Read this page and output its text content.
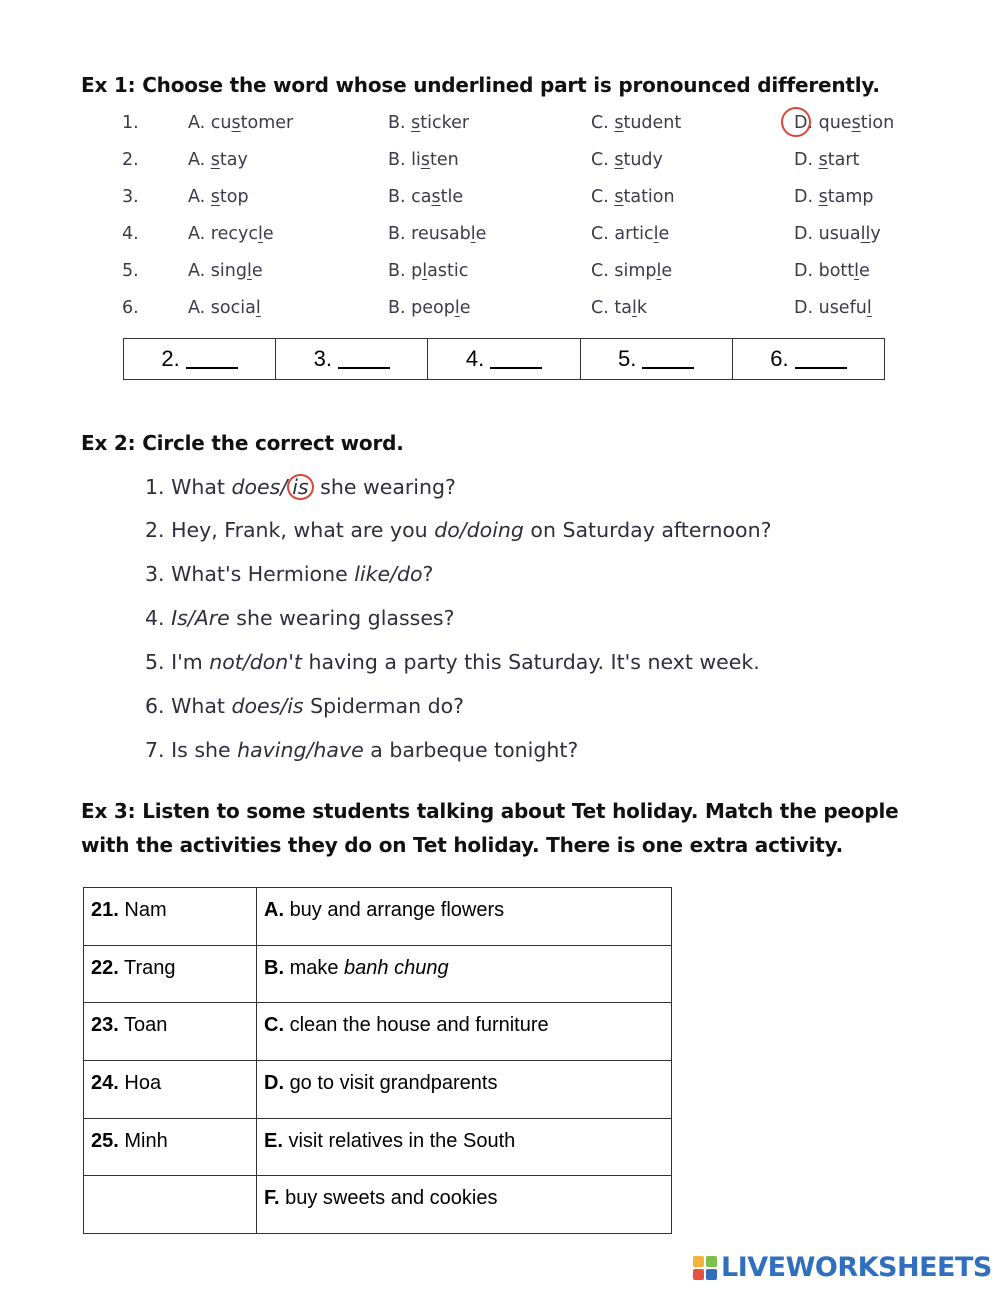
Ex 1: Choose the word whose underlined part is pronounced differently.
1.	A. customer	B. sticker	C. student	D. question
2.	A. stay	B. listen	C. study	D. start
3.	A. stop	B. castle	C. station	D. stamp
4.	A. recycle	B. reusable	C. article	D. usually
5.	A. single	B. plastic	C. simple	D. bottle
6.	A. social	B. people	C. talk	D. useful
2.	3.	4.	5.	6.
Ex 2: Circle the correct word.
1. What does/ is she wearing?
2. Hey, Frank, what are you do/doing on Saturday afternoon?
3. What's Hermione like/do?
4. Is/Are she wearing glasses?
5. I'm not/don't having a party this Saturday. It's next week.
6. What does/is Spiderman do?
7. Is she having/have a barbeque tonight?
Ex 3: Listen to some students talking about Tet holiday. Match the people
with the activities they do on Tet holiday. There is one extra activity.
21. Nam	A. buy and arrange flowers
22. Trang	B. make banh chung
23. Toan	C. clean the house and furniture
24. Hoa	D. go to visit grandparents
25. Minh	E. visit relatives in the South
	F. buy sweets and cookies
LIVEWORKSHEETS
